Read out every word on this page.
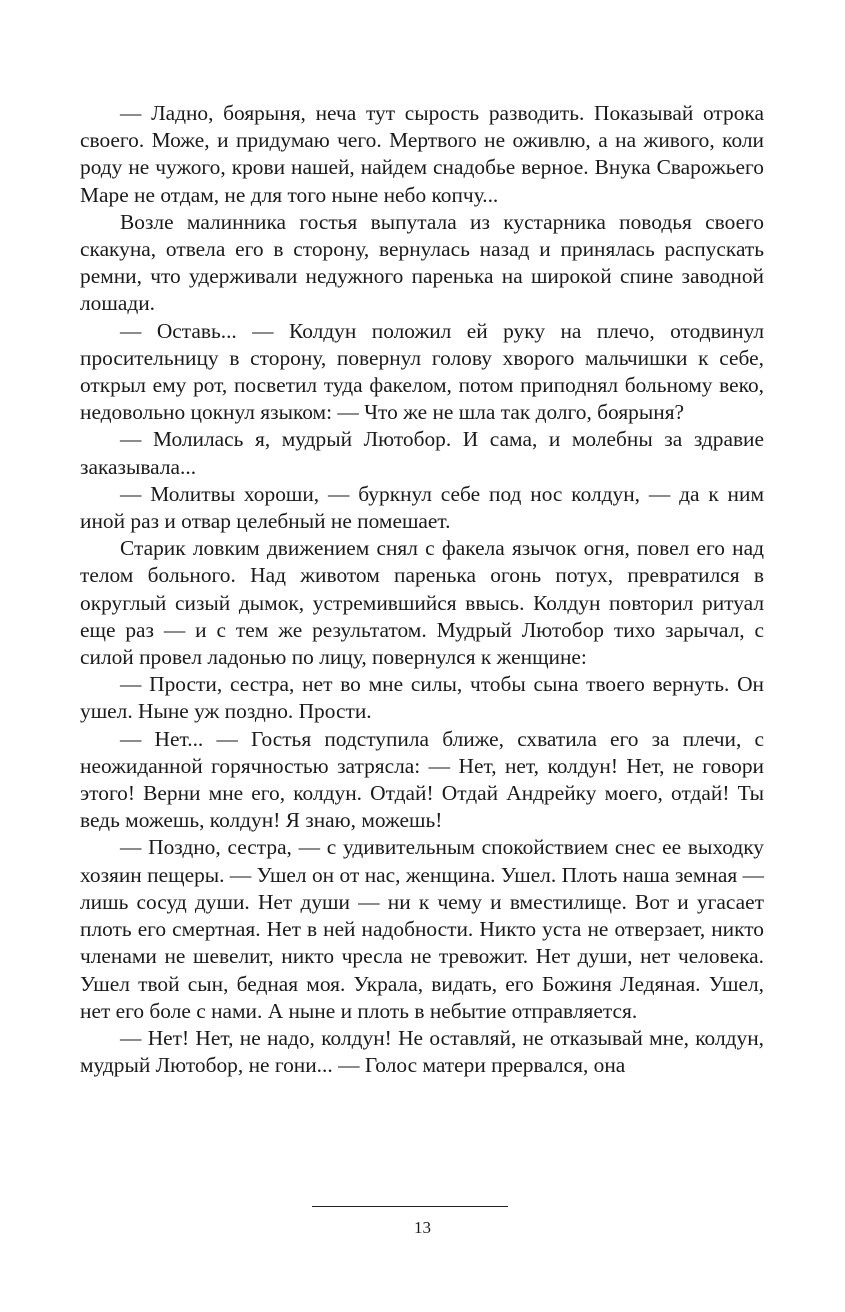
— Ладно, боярыня, неча тут сырость разводить. Показывай отрока своего. Може, и придумаю чего. Мертвого не оживлю, а на живого, коли роду не чужого, крови нашей, найдем снадобье верное. Внука Сварожьего Маре не отдам, не для того ныне небо копчу...

Возле малинника гостья выпутала из кустарника поводья своего скакуна, отвела его в сторону, вернулась назад и принялась распускать ремни, что удерживали недужного паренька на широкой спине заводной лошади.

— Оставь... — Колдун положил ей руку на плечо, отодвинул просительницу в сторону, повернул голову хворого мальчишки к себе, открыл ему рот, посветил туда факелом, потом приподнял больному веко, недовольно цокнул языком: — Что же не шла так долго, боярыня?

— Молилась я, мудрый Лютобор. И сама, и молебны за здравие заказывала...

— Молитвы хороши, — буркнул себе под нос колдун, — да к ним иной раз и отвар целебный не помешает.

Старик ловким движением снял с факела язычок огня, повел его над телом больного. Над животом паренька огонь потух, превратился в округлый сизый дымок, устремившийся ввысь. Колдун повторил ритуал еще раз — и с тем же результатом. Мудрый Лютобор тихо зарычал, с силой провел ладонью по лицу, повернулся к женщине:

— Прости, сестра, нет во мне силы, чтобы сына твоего вернуть. Он ушел. Ныне уж поздно. Прости.

— Нет... — Гостья подступила ближе, схватила его за плечи, с неожиданной горячностью затрясла: — Нет, нет, колдун! Нет, не говори этого! Верни мне его, колдун. Отдай! Отдай Андрейку моего, отдай! Ты ведь можешь, колдун! Я знаю, можешь!

— Поздно, сестра, — с удивительным спокойствием снес ее выходку хозяин пещеры. — Ушел он от нас, женщина. Ушел. Плоть наша земная — лишь сосуд души. Нет души — ни к чему и вместилище. Вот и угасает плоть его смертная. Нет в ней надобности. Никто уста не отверзает, никто членами не шевелит, никто чресла не тревожит. Нет души, нет человека. Ушел твой сын, бедная моя. Украла, видать, его Божиня Ледяная. Ушел, нет его боле с нами. А ныне и плоть в небытие отправляется.

— Нет! Нет, не надо, колдун! Не оставляй, не отказывай мне, колдун, мудрый Лютобор, не гони... — Голос матери прервался, она

13
